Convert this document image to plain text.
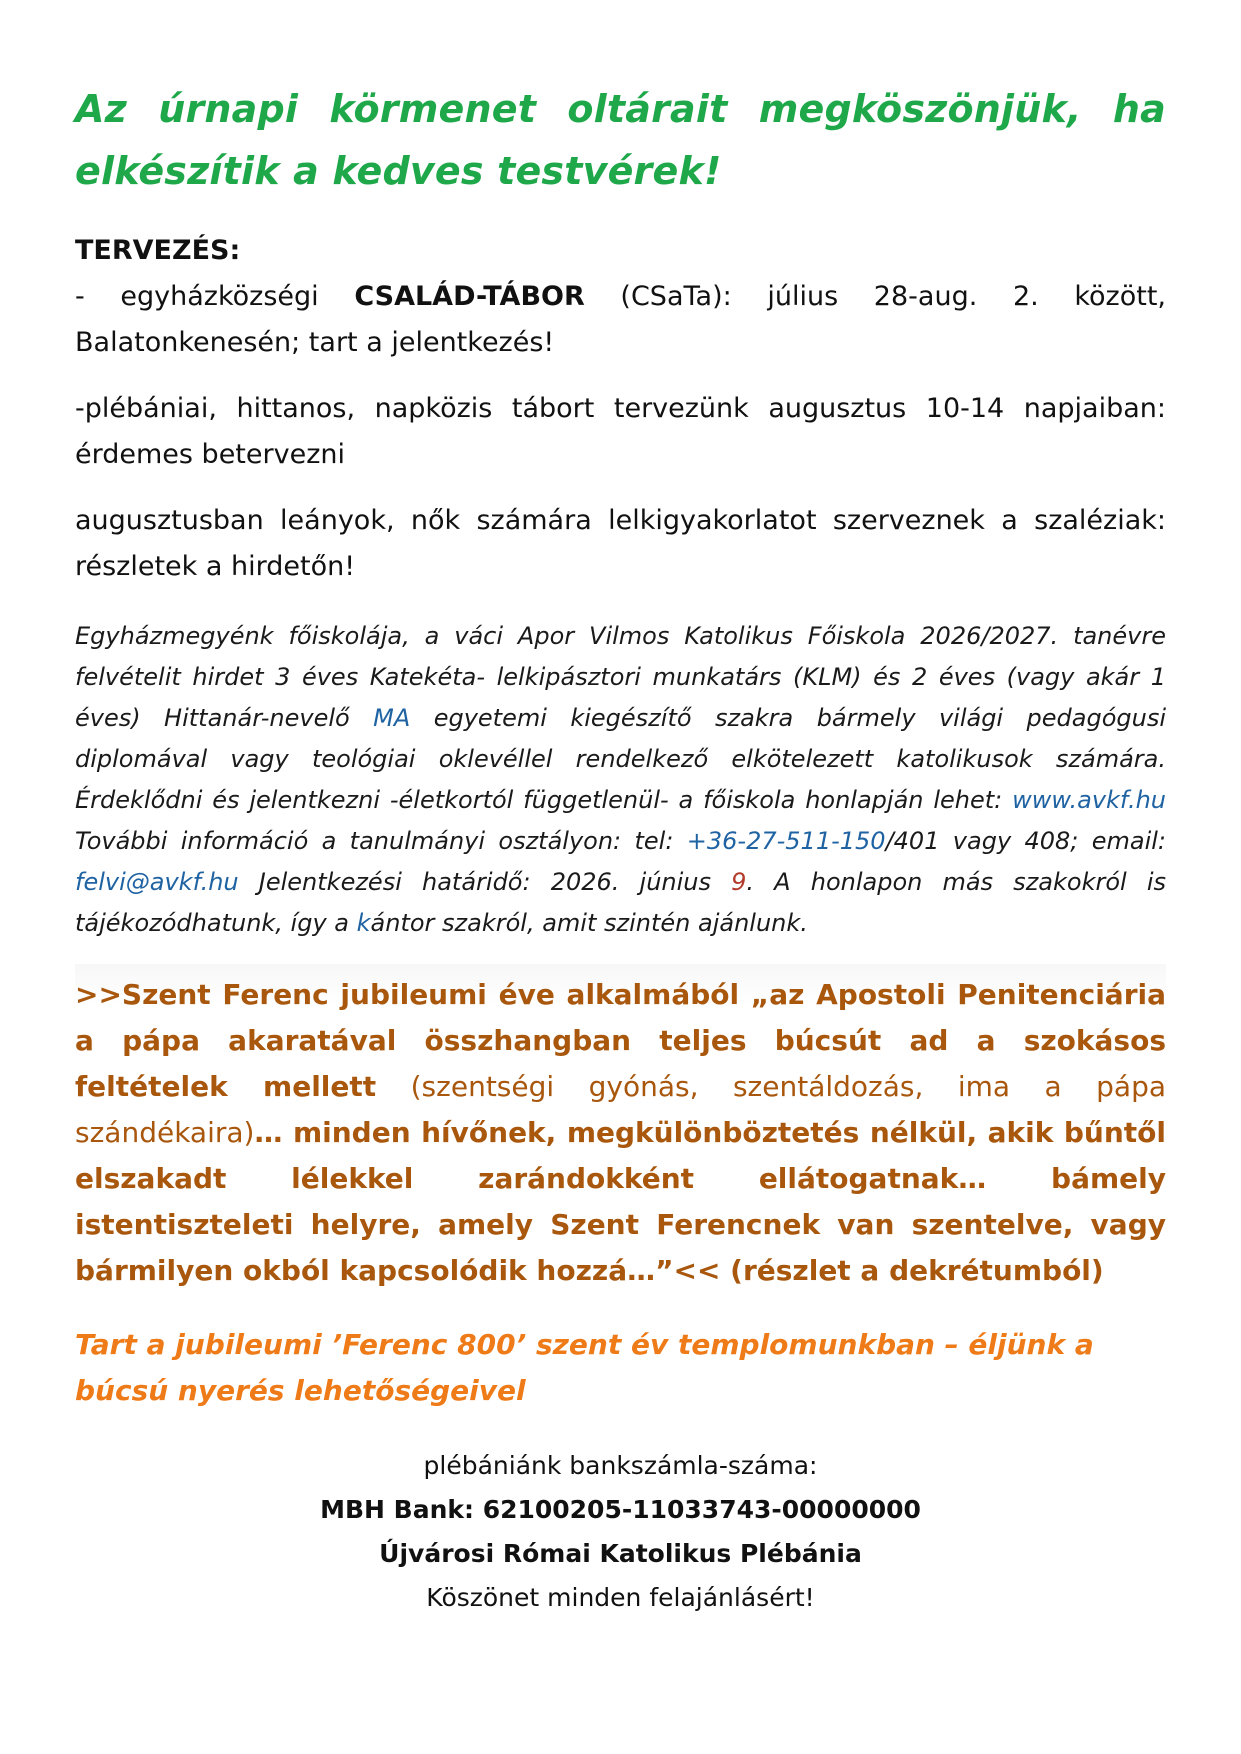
Az úrnapi körmenet oltárait megköszönjük, ha elkészítik a kedves testvérek!

TERVEZÉS:
- egyházközségi CSALÁD-TÁBOR (CSaTa): július 28-aug. 2. között, Balatonkenesén; tart a jelentkezés!

-plébániai, hittanos, napközis tábort tervezünk augusztus 10-14 napjaiban: érdemes betervezni

augusztusban leányok, nők számára lelkigyakorlatot szerveznek a szaléziak: részletek a hirdetőn!

Egyházmegyénk főiskolája, a váci Apor Vilmos Katolikus Főiskola 2026/2027. tanévre felvételit hirdet 3 éves Katekéta- lelkipásztori munkatárs (KLM) és 2 éves (vagy akár 1 éves) Hittanár-nevelő MA egyetemi kiegészítő szakra bármely világi pedagógusi diplomával vagy teológiai oklevéllel rendelkező elkötelezett katolikusok számára. Érdeklődni és jelentkezni -életkortól függetlenül- a főiskola honlapján lehet: www.avkf.hu További információ a tanulmányi osztályon: tel: +36-27-511-150/401 vagy 408; email: felvi@avkf.hu Jelentkezési határidő: 2026. június 9. A honlapon más szakokról is tájékozódhatunk, így a kántor szakról, amit szintén ajánlunk.

>>Szent Ferenc jubileumi éve alkalmából „az Apostoli Penitenciária a pápa akaratával összhangban teljes búcsút ad a szokásos feltételek mellett (szentségi gyónás, szentáldozás, ima a pápa szándékaira)… minden hívőnek, megkülönböztetés nélkül, akik bűntől elszakadt lélekkel zarándokként ellátogatnak… bámely istentiszteleti helyre, amely Szent Ferencnek van szentelve, vagy bármilyen okból kapcsolódik hozzá…”<< (részlet a dekrétumból)

Tart a jubileumi ’Ferenc 800’ szent év templomunkban – éljünk a búcsú nyerés lehetőségeivel

plébániánk bankszámla-száma:
MBH Bank: 62100205-11033743-00000000
Újvárosi Római Katolikus Plébánia
Köszönet minden felajánlásért!
